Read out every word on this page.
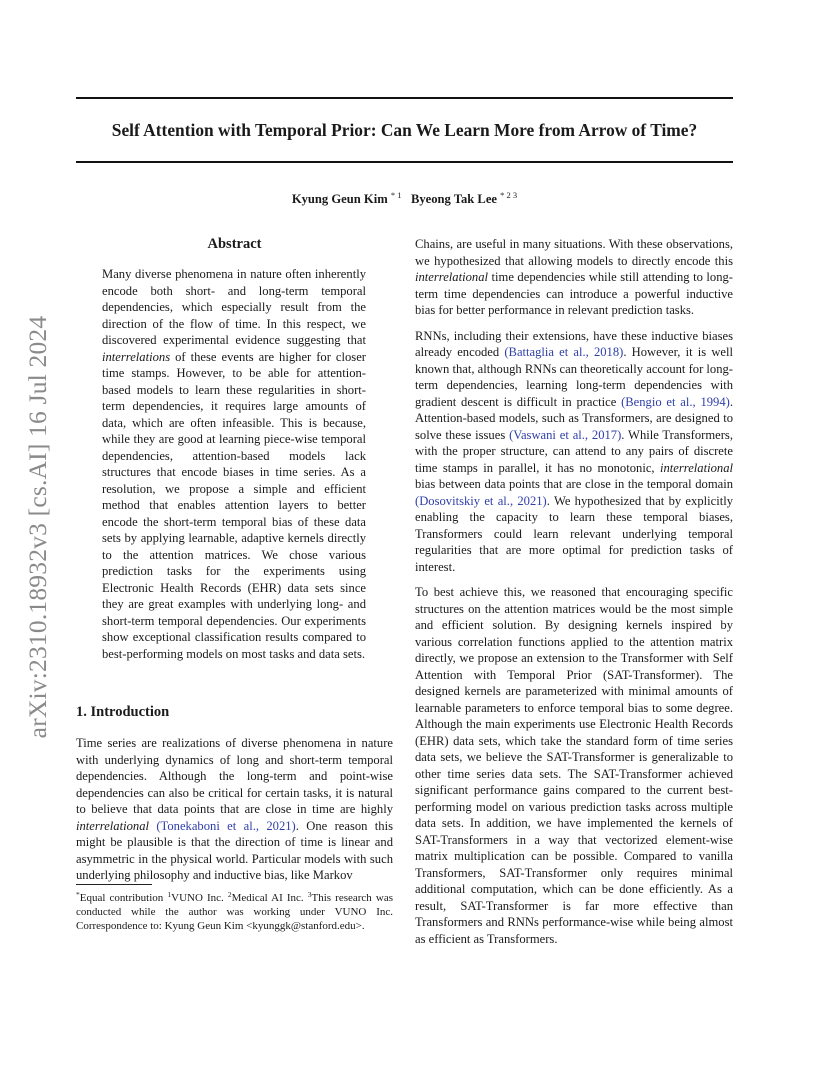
Self Attention with Temporal Prior: Can We Learn More from Arrow of Time?
Kyung Geun Kim $^{* 1}$ Byeong Tak Lee $^{* 2 3}$
arXiv:2310.18932v3 [cs.AI] 16 Jul 2024
Abstract

Many diverse phenomena in nature often inherently encode both short- and long-term temporal dependencies, which especially result from the direction of the flow of time. In this respect, we discovered experimental evidence suggesting that interrelations of these events are higher for closer time stamps. However, to be able for attention-based models to learn these regularities in short-term dependencies, it requires large amounts of data, which are often infeasible. This is because, while they are good at learning piece-wise temporal dependencies, attention-based models lack structures that encode biases in time series. As a resolution, we propose a simple and efficient method that enables attention layers to better encode the short-term temporal bias of these data sets by applying learnable, adaptive kernels directly to the attention matrices. We chose various prediction tasks for the experiments using Electronic Health Records (EHR) data sets since they are great examples with underlying long- and short-term temporal dependencies. Our experiments show exceptional classification results compared to best-performing models on most tasks and data sets.

1. Introduction

Time series are realizations of diverse phenomena in nature with underlying dynamics of long and short-term temporal dependencies. Although the long-term and point-wise dependencies can also be critical for certain tasks, it is natural to believe that data points that are close in time are highly interrelational (Tonekaboni et al., 2021). One reason this might be plausible is that the direction of time is linear and asymmetric in the physical world. Particular models with such underlying philosophy and inductive bias, like Markov

*Equal contribution $^1$VUNO Inc. $^2$Medical AI Inc. $^3$This research was conducted while the author was working under VUNO Inc. Correspondence to: Kyung Geun Kim <kyunggk@stanford.edu>.

Chains, are useful in many situations. With these observations, we hypothesized that allowing models to directly encode this interrelational time dependencies while still attending to long-term time dependencies can introduce a powerful inductive bias for better performance in relevant prediction tasks.

RNNs, including their extensions, have these inductive biases already encoded (Battaglia et al., 2018). However, it is well known that, although RNNs can theoretically account for long-term dependencies, learning long-term dependencies with gradient descent is difficult in practice (Bengio et al., 1994). Attention-based models, such as Transformers, are designed to solve these issues (Vaswani et al., 2017). While Transformers, with the proper structure, can attend to any pairs of discrete time stamps in parallel, it has no monotonic, interrelational bias between data points that are close in the temporal domain (Dosovitskiy et al., 2021). We hypothesized that by explicitly enabling the capacity to learn these temporal biases, Transformers could learn relevant underlying temporal regularities that are more optimal for prediction tasks of interest.

To best achieve this, we reasoned that encouraging specific structures on the attention matrices would be the most simple and efficient solution. By designing kernels inspired by various correlation functions applied to the attention matrix directly, we propose an extension to the Transformer with Self Attention with Temporal Prior (SAT-Transformer). The designed kernels are parameterized with minimal amounts of learnable parameters to enforce temporal bias to some degree. Although the main experiments use Electronic Health Records (EHR) data sets, which take the standard form of time series data sets, we believe the SAT-Transformer is generalizable to other time series data sets. The SAT-Transformer achieved significant performance gains compared to the current best-performing model on various prediction tasks across multiple data sets. In addition, we have implemented the kernels of SAT-Transformers in a way that vectorized element-wise matrix multiplication can be possible. Compared to vanilla Transformers, SAT-Transformer only requires minimal additional computation, which can be done efficiently. As a result, SAT-Transformer is far more effective than Transformers and RNNs performance-wise while being almost as efficient as Transformers.
